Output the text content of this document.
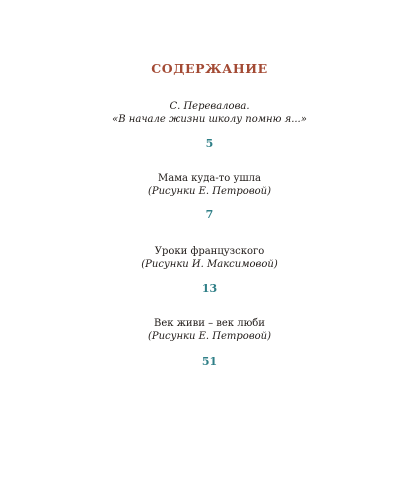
СОДЕРЖАНИЕ
С. Перевалова.
«В начале жизни школу помню я...»
5
Мама куда-то ушла
(Рисунки Е. Петровой)
7
Уроки французского
(Рисунки И. Максимовой)
13
Век живи – век люби
(Рисунки Е. Петровой)
51
